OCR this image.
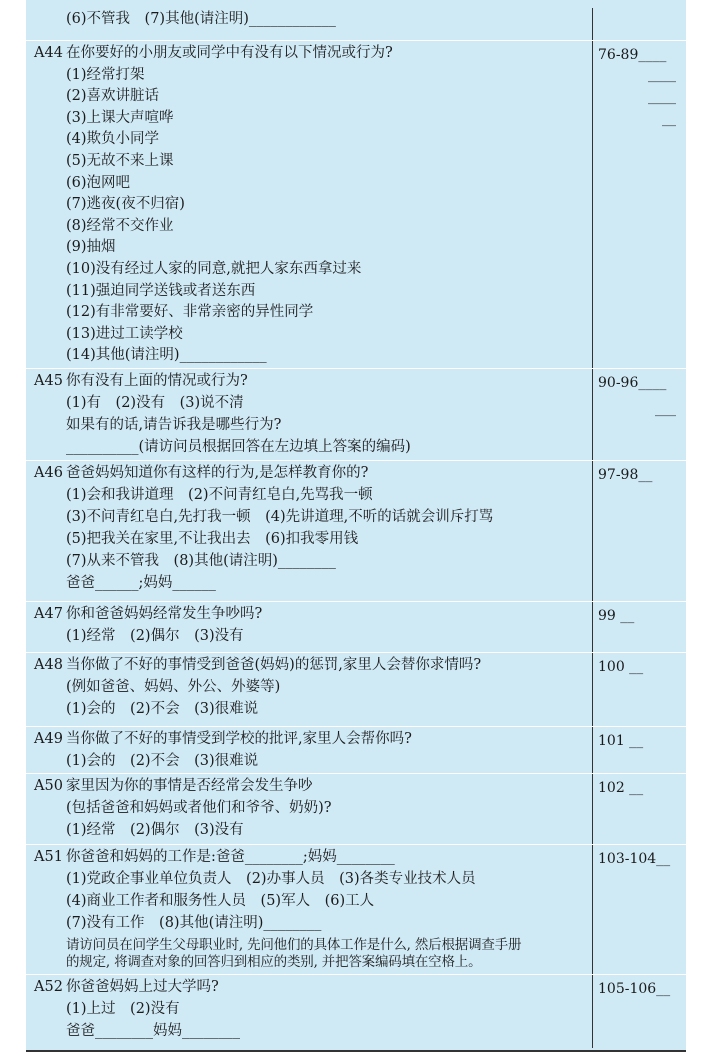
(6)不管我　(7)其他(请注明)____________
A44 在你要好的小朋友或同学中有没有以下情况或行为?
(1)经常打架
(2)喜欢讲脏话
(3)上课大声喧哗
(4)欺负小同学
(5)无故不来上课
(6)泡网吧
(7)逃夜(夜不归宿)
(8)经常不交作业
(9)抽烟
(10)没有经过人家的同意,就把人家东西拿过来
(11)强迫同学送钱或者送东西
(12)有非常要好、非常亲密的异性同学
(13)进过工读学校
(14)其他(请注明)____________
76-89____
____
____
__
A45 你有没有上面的情况或行为?
(1)有　(2)没有　(3)说不清
如果有的话,请告诉我是哪些行为?
__________(请访问员根据回答在左边填上答案的编码)
90-96____
___
A46 爸爸妈妈知道你有这样的行为,是怎样教育你的?
(1)会和我讲道理　(2)不问青红皂白,先骂我一顿
(3)不问青红皂白,先打我一顿　(4)先讲道理,不听的话就会训斥打骂
(5)把我关在家里,不让我出去　(6)扣我零用钱
(7)从来不管我　(8)其他(请注明)________
爸爸______;妈妈______
97-98__
A47 你和爸爸妈妈经常发生争吵吗?
(1)经常　(2)偶尔　(3)没有
99 __
A48 当你做了不好的事情受到爸爸(妈妈)的惩罚,家里人会替你求情吗?
(例如爸爸、妈妈、外公、外婆等)
(1)会的　(2)不会　(3)很难说
100 __
A49 当你做了不好的事情受到学校的批评,家里人会帮你吗?
(1)会的　(2)不会　(3)很难说
101 __
A50 家里因为你的事情是否经常会发生争吵
(包括爸爸和妈妈或者他们和爷爷、奶奶)?
(1)经常　(2)偶尔　(3)没有
102 __
A51 你爸爸和妈妈的工作是:爸爸________;妈妈________
(1)党政企事业单位负责人　(2)办事人员　(3)各类专业技术人员
(4)商业工作者和服务性人员　(5)军人　(6)工人
(7)没有工作　(8)其他(请注明)________
请访问员在问学生父母职业时, 先问他们的具体工作是什么, 然后根据调查手册
的规定, 将调查对象的回答归到相应的类别, 并把答案编码填在空格上。
103-104__
A52 你爸爸妈妈上过大学吗?
(1)上过　(2)没有
爸爸________妈妈________
105-106__
